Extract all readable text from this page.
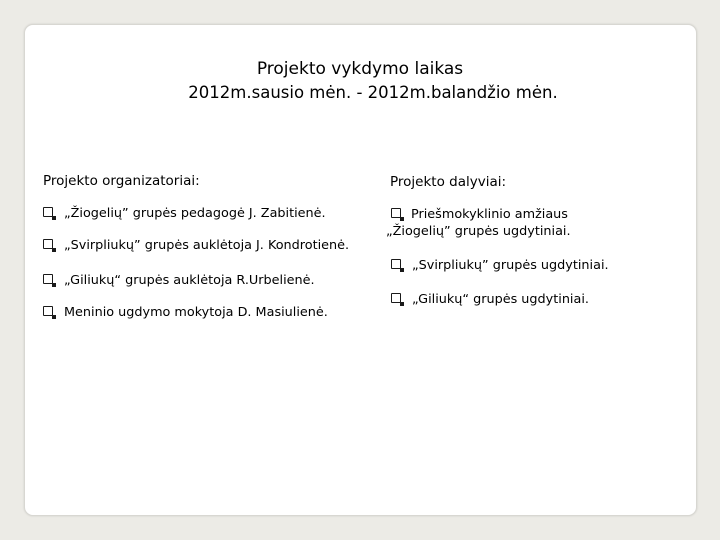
Projekto vykdymo laikas
2012m.sausio mėn. - 2012m.balandžio mėn.
Projekto organizatoriai:	Projekto dalyviai:
„Žiogelių” grupės pedagogė J. Zabitienė.
„Svirpliukų” grupės auklėtoja J. Kondrotienė.
„Giliukų“ grupės auklėtoja R.Urbelienė.
Meninio ugdymo mokytoja D. Masiulienė.
Priešmokyklinio amžiaus „Žiogelių” grupės ugdytiniai.
„Svirpliukų” grupės ugdytiniai.
„Giliukų“ grupės ugdytiniai.
